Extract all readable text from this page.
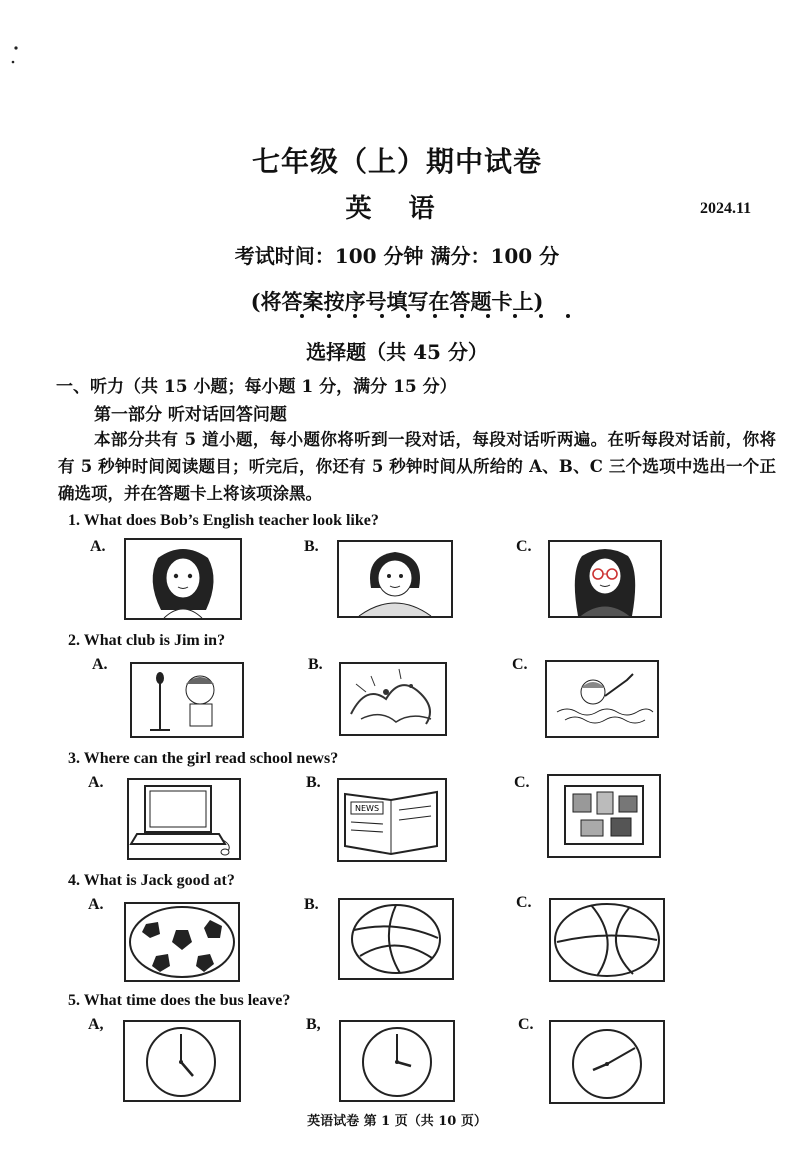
七年级（上）期中试卷
英 语	2024.11
考试时间：100 分钟 满分：100 分
(将答案按序号填写在答题卡上)
选择题（共 45 分）
一、听力（共 15 小题；每小题 1 分，满分 15 分）
第一部分 听对话回答问题
本部分共有 5 道小题，每小题你将听到一段对话，每段对话听两遍。在听每段对话前，你将有 5 秒钟时间阅读题目；听完后，你还有 5 秒钟时间从所给的 A、B、C 三个选项中选出一个正确选项，并在答题卡上将该项涂黑。
1. What does Bob’s English teacher look like?
A.	B.	C.
2. What club is Jim in?
A.	B.	C.
3. Where can the girl read school news?
A.	B.
NEWS
C.
4. What is Jack good at?
A.	B.	C.
5. What time does the bus leave?
A,	B,	C.
英语试卷 第 1 页（共 10 页）
